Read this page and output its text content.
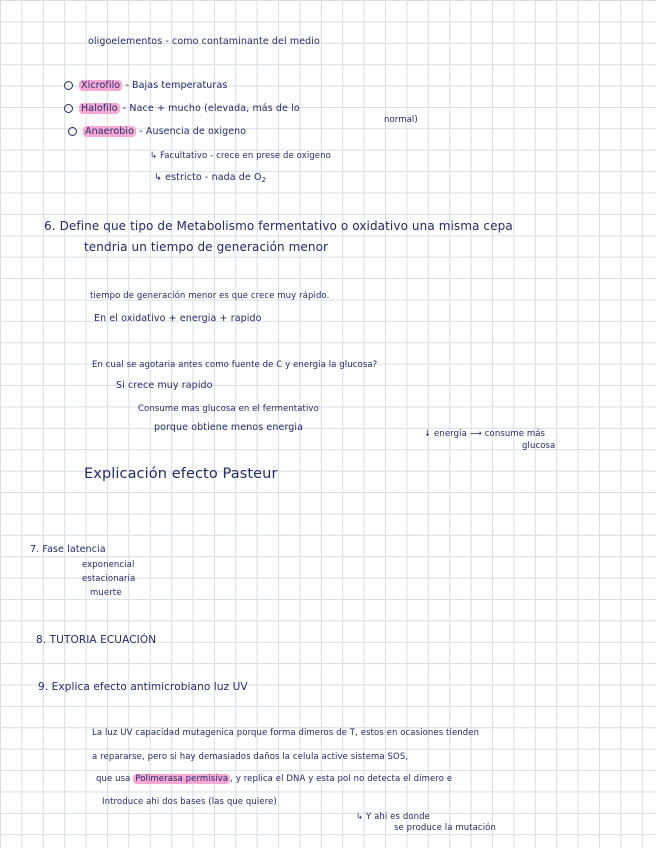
oligoelementos - como contaminante del medio
Xicrofilo - Bajas temperaturas
Halofilo - Nace + mucho (elevada, más de lo
normal)
Anaerobio - Ausencia de oxigeno
↳ Facultativo - crece en prese de oxigeno
↳ estricto - nada de $O_2$
6. Define que tipo de Metabolismo fermentativo o oxidativo una misma cepa
tendria un tiempo de generación menor
tiempo de generación menor es que crece muy rápido.
En el oxidativo + energia + rapido
En cual se agotaria antes como fuente de C y energia la glucosa?
Si crece muy rapido
Consume mas glucosa en el fermentativo
porque obtiene menos energia
↓ energia ⟶ consume más
glucosa
Explicación efecto Pasteur
7. Fase latencia
exponencial
estacionaria
muerte
8. TUTORIA ECUACIÓN
9. Explica efecto antimicrobiano luz UV
La luz UV capacidad mutagenica porque forma dimeros de T, estos en ocasiones tienden
a repararse, pero si hay demasiados daños la celula active sistema SOS,
que usa Polimerasa permisiva , y replica el DNA y esta pol no detecta el dimero e
Introduce ahi dos bases (las que quiere)
↳ Y ahi es donde
se produce la mutación
